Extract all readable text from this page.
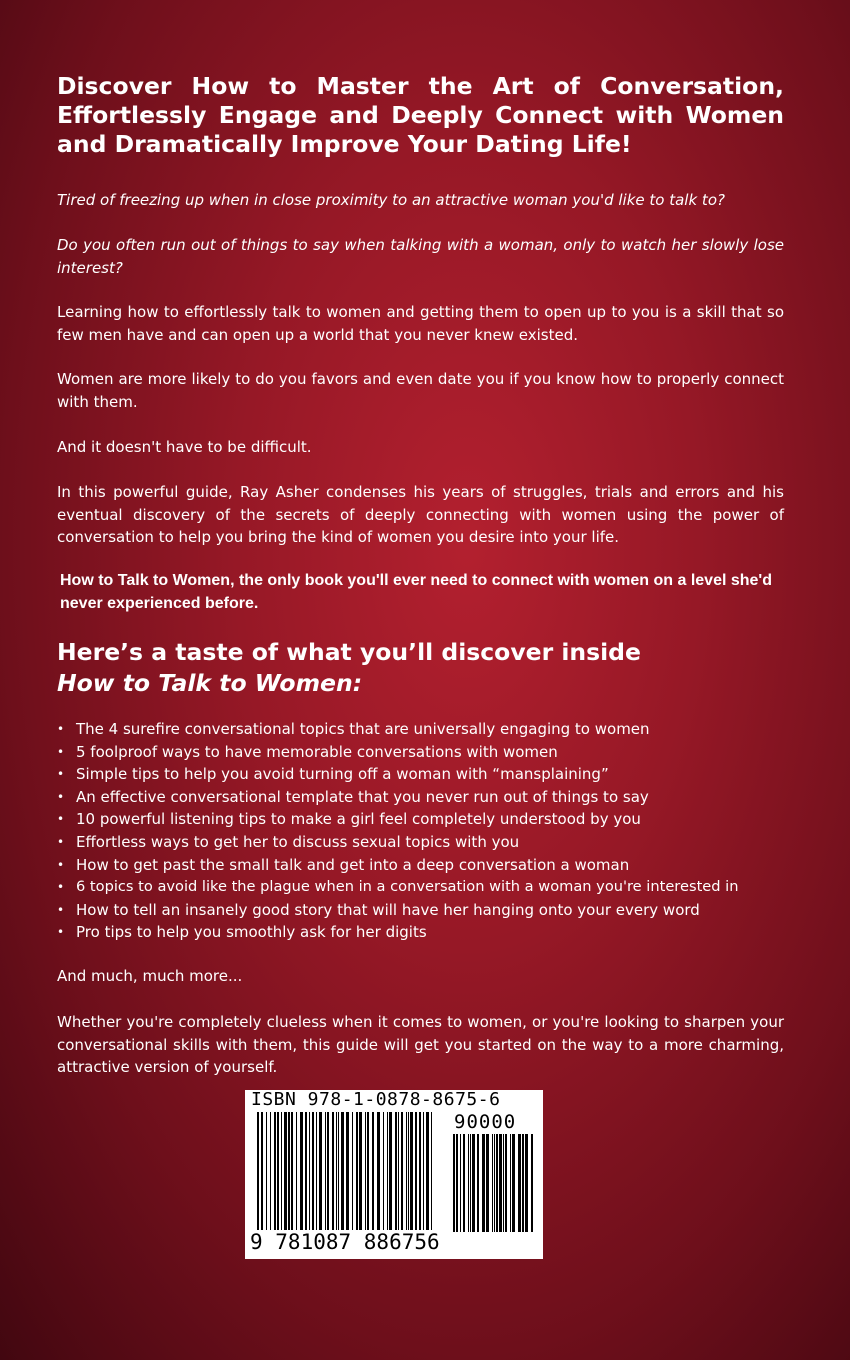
Discover How to Master the Art of Conversation, Effortlessly Engage and Deeply Connect with Women and Dramatically Improve Your Dating Life!

Tired of freezing up when in close proximity to an attractive woman you'd like to talk to?

Do you often run out of things to say when talking with a woman, only to watch her slowly lose interest?

Learning how to effortlessly talk to women and getting them to open up to you is a skill that so few men have and can open up a world that you never knew existed.

Women are more likely to do you favors and even date you if you know how to properly connect with them.

And it doesn't have to be difficult.

In this powerful guide, Ray Asher condenses his years of struggles, trials and errors and his eventual discovery of the secrets of deeply connecting with women using the power of conversation to help you bring the kind of women you desire into your life.

How to Talk to Women, the only book you'll ever need to connect with women on a level she'd never experienced before.

Here’s a taste of what you’ll discover inside
How to Talk to Women:
• The 4 surefire conversational topics that are universally engaging to women
• 5 foolproof ways to have memorable conversations with women
• Simple tips to help you avoid turning off a woman with “mansplaining”
• An effective conversational template that you never run out of things to say
• 10 powerful listening tips to make a girl feel completely understood by you
• Effortless ways to get her to discuss sexual topics with you
• How to get past the small talk and get into a deep conversation a woman
• 6 topics to avoid like the plague when in a conversation with a woman you're interested in
• How to tell an insanely good story that will have her hanging onto your every word
• Pro tips to help you smoothly ask for her digits

And much, much more...

Whether you're completely clueless when it comes to women, or you're looking to sharpen your conversational skills with them, this guide will get you started on the way to a more charming, attractive version of yourself.

ISBN 978-1-0878-8675-6
90000
9 781087 886756
